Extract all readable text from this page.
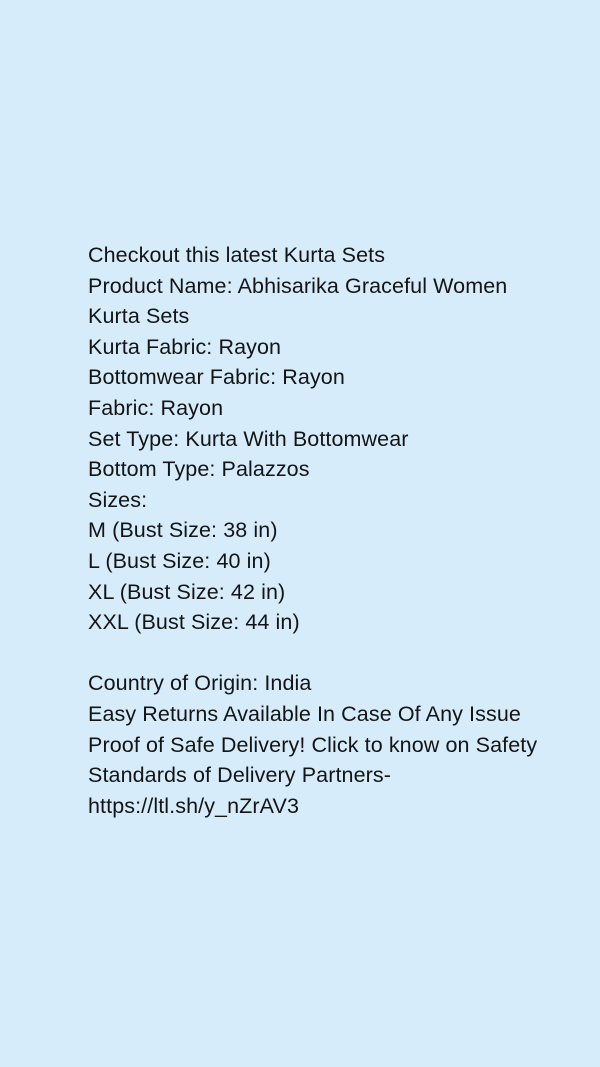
Checkout this latest Kurta Sets
Product Name: Abhisarika Graceful Women Kurta Sets
Kurta Fabric: Rayon
Bottomwear Fabric: Rayon
Fabric: Rayon
Set Type: Kurta With Bottomwear
Bottom Type: Palazzos
Sizes:
M (Bust Size: 38 in)
L (Bust Size: 40 in)
XL (Bust Size: 42 in)
XXL (Bust Size: 44 in)
Country of Origin: India
Easy Returns Available In Case Of Any Issue
Proof of Safe Delivery! Click to know on Safety Standards of Delivery Partners- https://ltl.sh/y_nZrAV3
